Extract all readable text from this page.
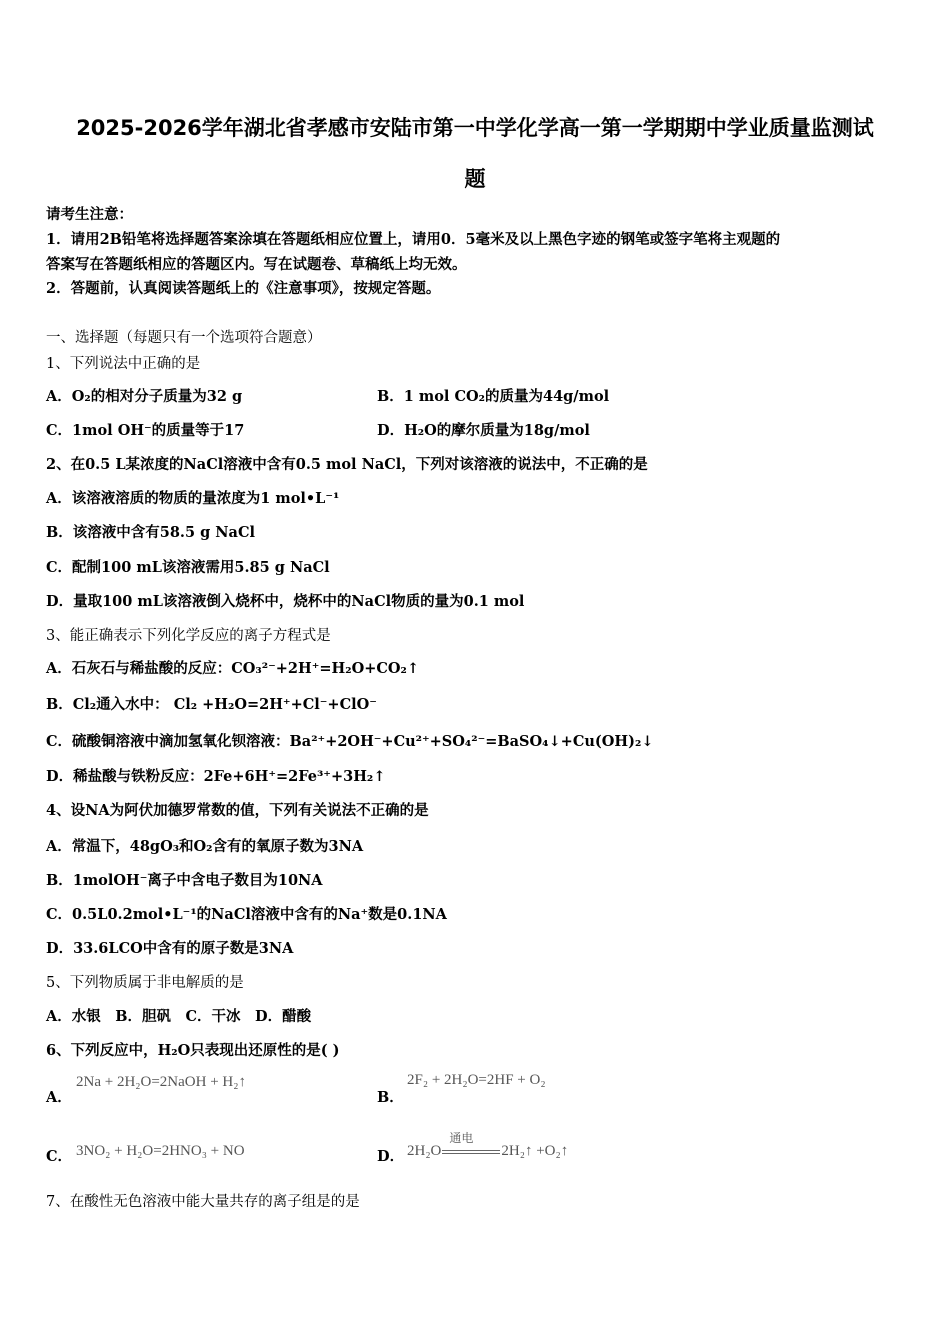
2025-2026学年湖北省孝感市安陆市第一中学化学高一第一学期期中学业质量监测试
题
请考生注意：
1．请用2B铅笔将选择题答案涂填在答题纸相应位置上，请用0．5毫米及以上黑色字迹的钢笔或签字笔将主观题的
答案写在答题纸相应的答题区内。写在试题卷、草稿纸上均无效。
2．答题前，认真阅读答题纸上的《注意事项》，按规定答题。
一、选择题（每题只有一个选项符合题意）
1、下列说法中正确的是
A．O₂的相对分子质量为32 g	B．1 mol CO₂的质量为44g/mol
C．1mol OH⁻的质量等于17	D．H₂O的摩尔质量为18g/mol
2、在0.5 L某浓度的NaCl溶液中含有0.5 mol NaCl，下列对该溶液的说法中，不正确的是
A．该溶液溶质的物质的量浓度为1 mol•L⁻¹
B．该溶液中含有58.5 g NaCl
C．配制100 mL该溶液需用5.85 g NaCl
D．量取100 mL该溶液倒入烧杯中，烧杯中的NaCl物质的量为0.1 mol
3、能正确表示下列化学反应的离子方程式是
A．石灰石与稀盐酸的反应：CO₃²⁻+2H⁺=H₂O+CO₂↑
B．Cl₂通入水中： Cl₂ +H₂O=2H⁺+Cl⁻+ClO⁻
C．硫酸铜溶液中滴加氢氧化钡溶液：Ba²⁺+2OH⁻+Cu²⁺+SO₄²⁻=BaSO₄↓+Cu(OH)₂↓
D．稀盐酸与铁粉反应：2Fe+6H⁺=2Fe³⁺+3H₂↑
4、设NA为阿伏加德罗常数的值，下列有关说法不正确的是
A．常温下，48gO₃和O₂含有的氧原子数为3NA
B．1molOH⁻离子中含电子数目为10NA
C．0.5L0.2mol•L⁻¹的NaCl溶液中含有的Na⁺数是0.1NA
D．33.6LCO中含有的原子数是3NA
5、下列物质属于非电解质的是
A．水银　B．胆矾　C．干冰　D．醋酸
6、下列反应中，H₂O只表现出还原性的是( )
A．
2Na + 2H₂O=2NaOH + H₂↑
B．
2F₂ + 2H₂O=2HF + O₂
C． 3NO₂ + H₂O=2HNO₃ + NO	D． 2H₂O
通电
2H₂↑ +O₂↑
7、在酸性无色溶液中能大量共存的离子组是的是
